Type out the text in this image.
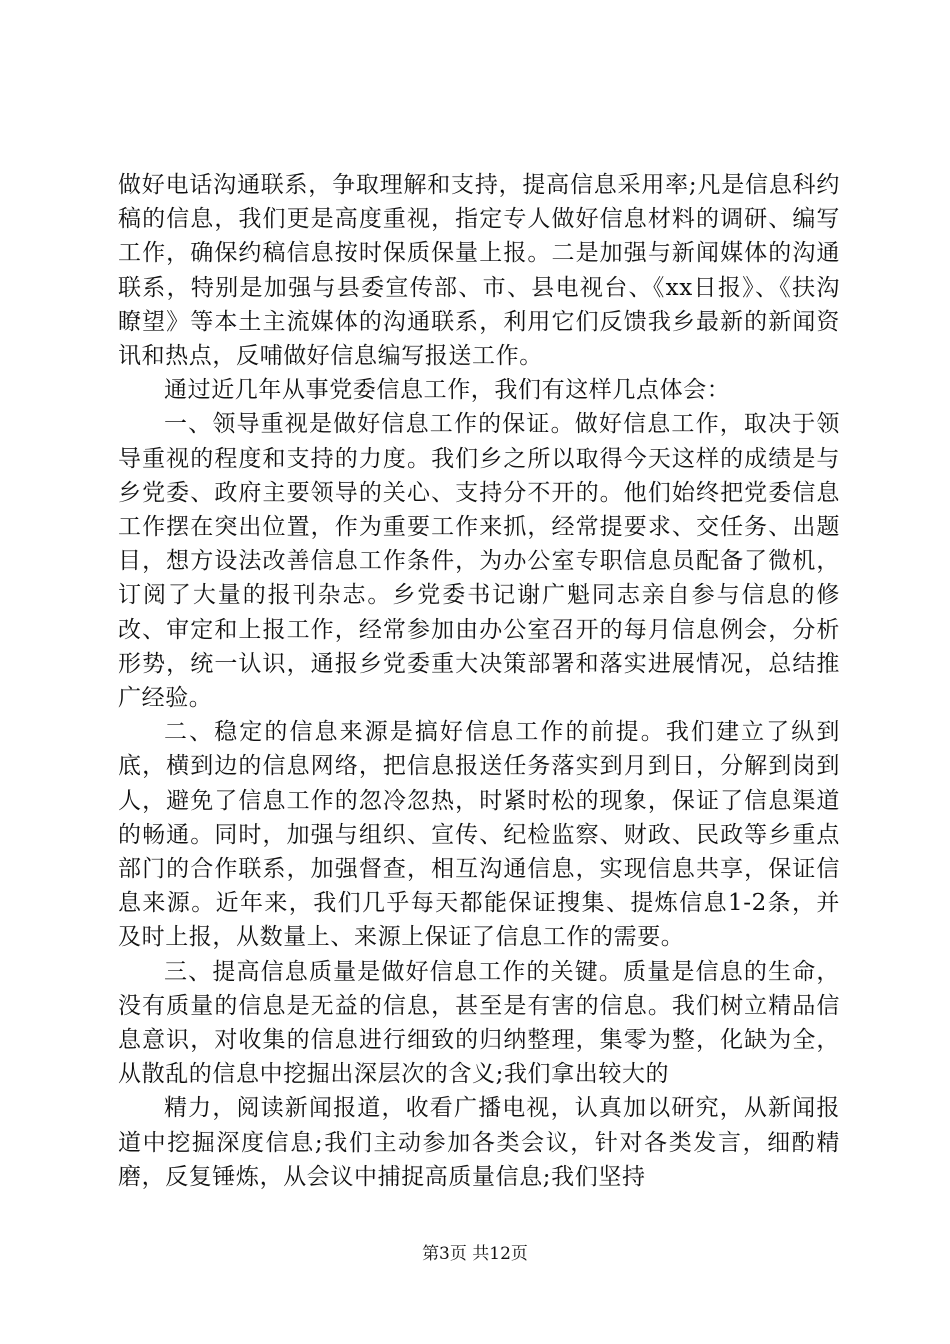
做好电话沟通联系，争取理解和支持，提高信息采用率;凡是信息科约稿的信息，我们更是高度重视，指定专人做好信息材料的调研、编写工作，确保约稿信息按时保质保量上报。二是加强与新闻媒体的沟通联系，特别是加强与县委宣传部、市、县电视台、《xx日报》、《扶沟瞭望》等本土主流媒体的沟通联系，利用它们反馈我乡最新的新闻资讯和热点，反哺做好信息编写报送工作。

通过近几年从事党委信息工作，我们有这样几点体会：

一、领导重视是做好信息工作的保证。做好信息工作，取决于领导重视的程度和支持的力度。我们乡之所以取得今天这样的成绩是与乡党委、政府主要领导的关心、支持分不开的。他们始终把党委信息工作摆在突出位置，作为重要工作来抓，经常提要求、交任务、出题目，想方设法改善信息工作条件，为办公室专职信息员配备了微机，订阅了大量的报刊杂志。乡党委书记谢广魁同志亲自参与信息的修改、审定和上报工作，经常参加由办公室召开的每月信息例会，分析形势，统一认识，通报乡党委重大决策部署和落实进展情况，总结推广经验。

二、稳定的信息来源是搞好信息工作的前提。我们建立了纵到底，横到边的信息网络，把信息报送任务落实到月到日，分解到岗到人，避免了信息工作的忽冷忽热，时紧时松的现象，保证了信息渠道的畅通。同时，加强与组织、宣传、纪检监察、财政、民政等乡重点部门的合作联系，加强督查，相互沟通信息，实现信息共享，保证信息来源。近年来，我们几乎每天都能保证搜集、提炼信息1-2条，并及时上报，从数量上、来源上保证了信息工作的需要。

三、提高信息质量是做好信息工作的关键。质量是信息的生命，没有质量的信息是无益的信息，甚至是有害的信息。我们树立精品信息意识，对收集的信息进行细致的归纳整理，集零为整，化缺为全，从散乱的信息中挖掘出深层次的含义;我们拿出较大的

精力，阅读新闻报道，收看广播电视，认真加以研究，从新闻报道中挖掘深度信息;我们主动参加各类会议，针对各类发言，细酌精磨，反复锤炼，从会议中捕捉高质量信息;我们坚持

第3页 共12页
